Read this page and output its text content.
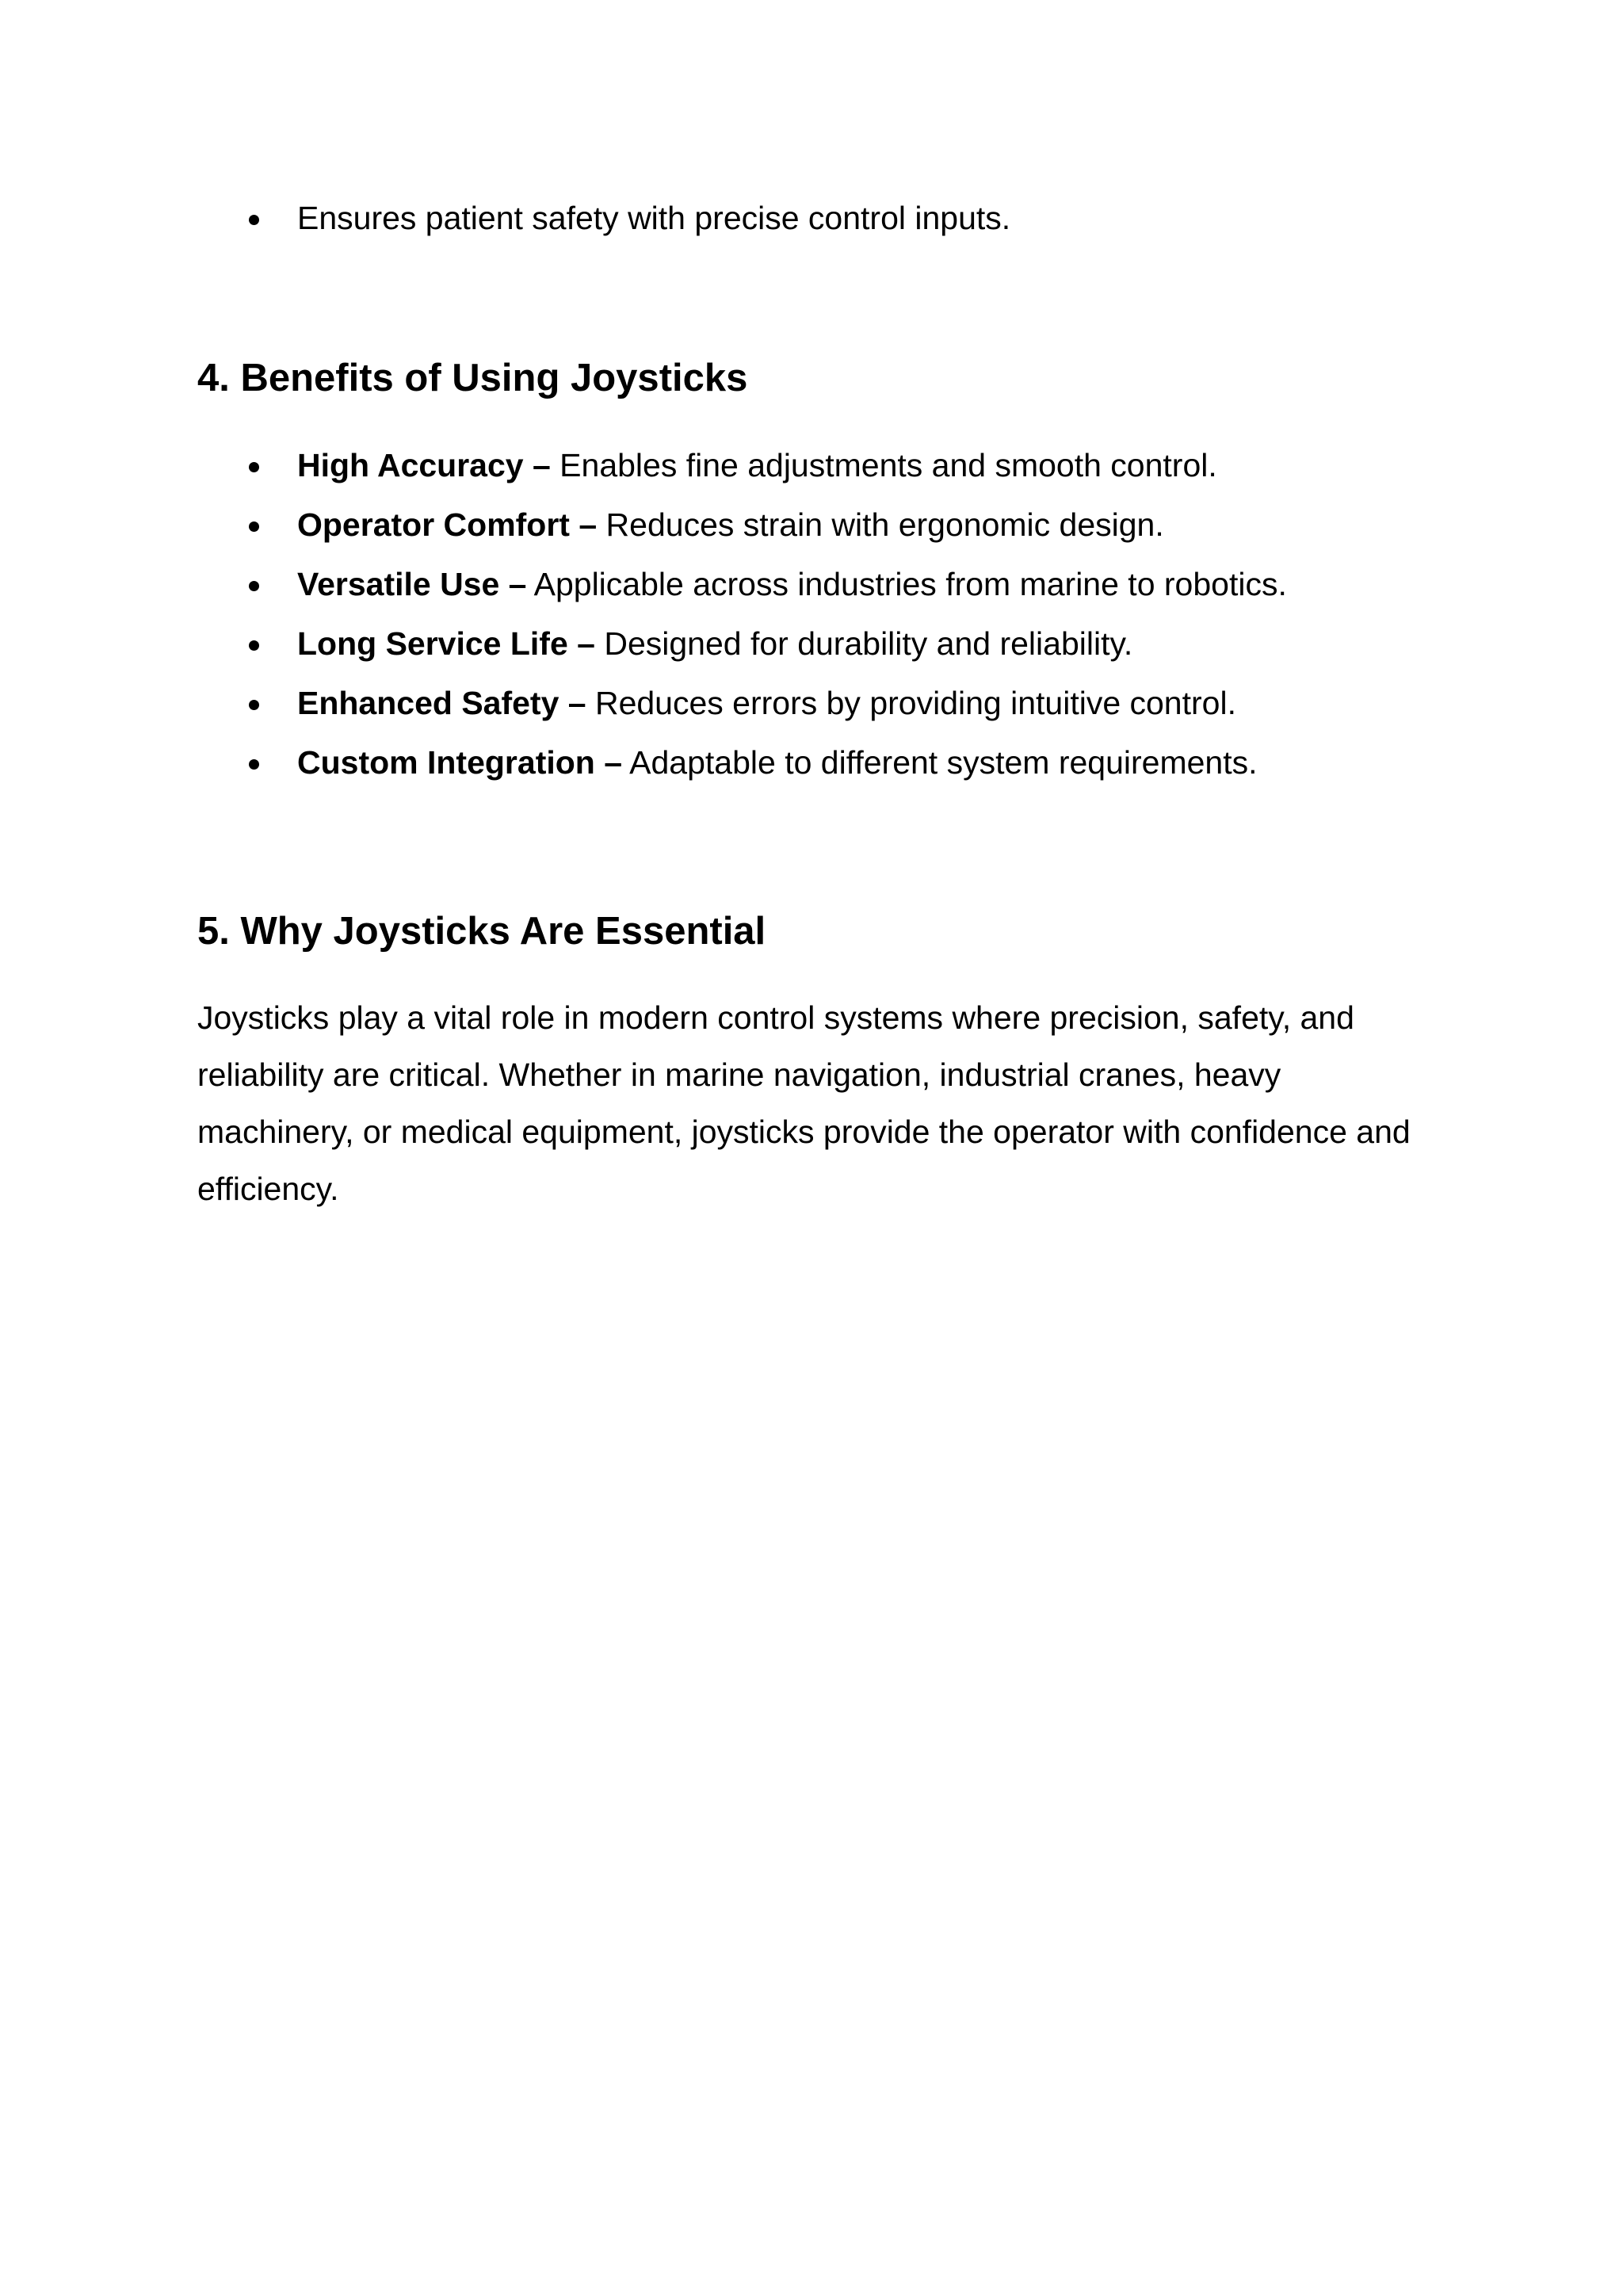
Ensures patient safety with precise control inputs.
4. Benefits of Using Joysticks
High Accuracy – Enables fine adjustments and smooth control.
Operator Comfort – Reduces strain with ergonomic design.
Versatile Use – Applicable across industries from marine to robotics.
Long Service Life – Designed for durability and reliability.
Enhanced Safety – Reduces errors by providing intuitive control.
Custom Integration – Adaptable to different system requirements.
5. Why Joysticks Are Essential

Joysticks play a vital role in modern control systems where precision, safety, and reliability are critical. Whether in marine navigation, industrial cranes, heavy machinery, or medical equipment, joysticks provide the operator with confidence and efficiency.
